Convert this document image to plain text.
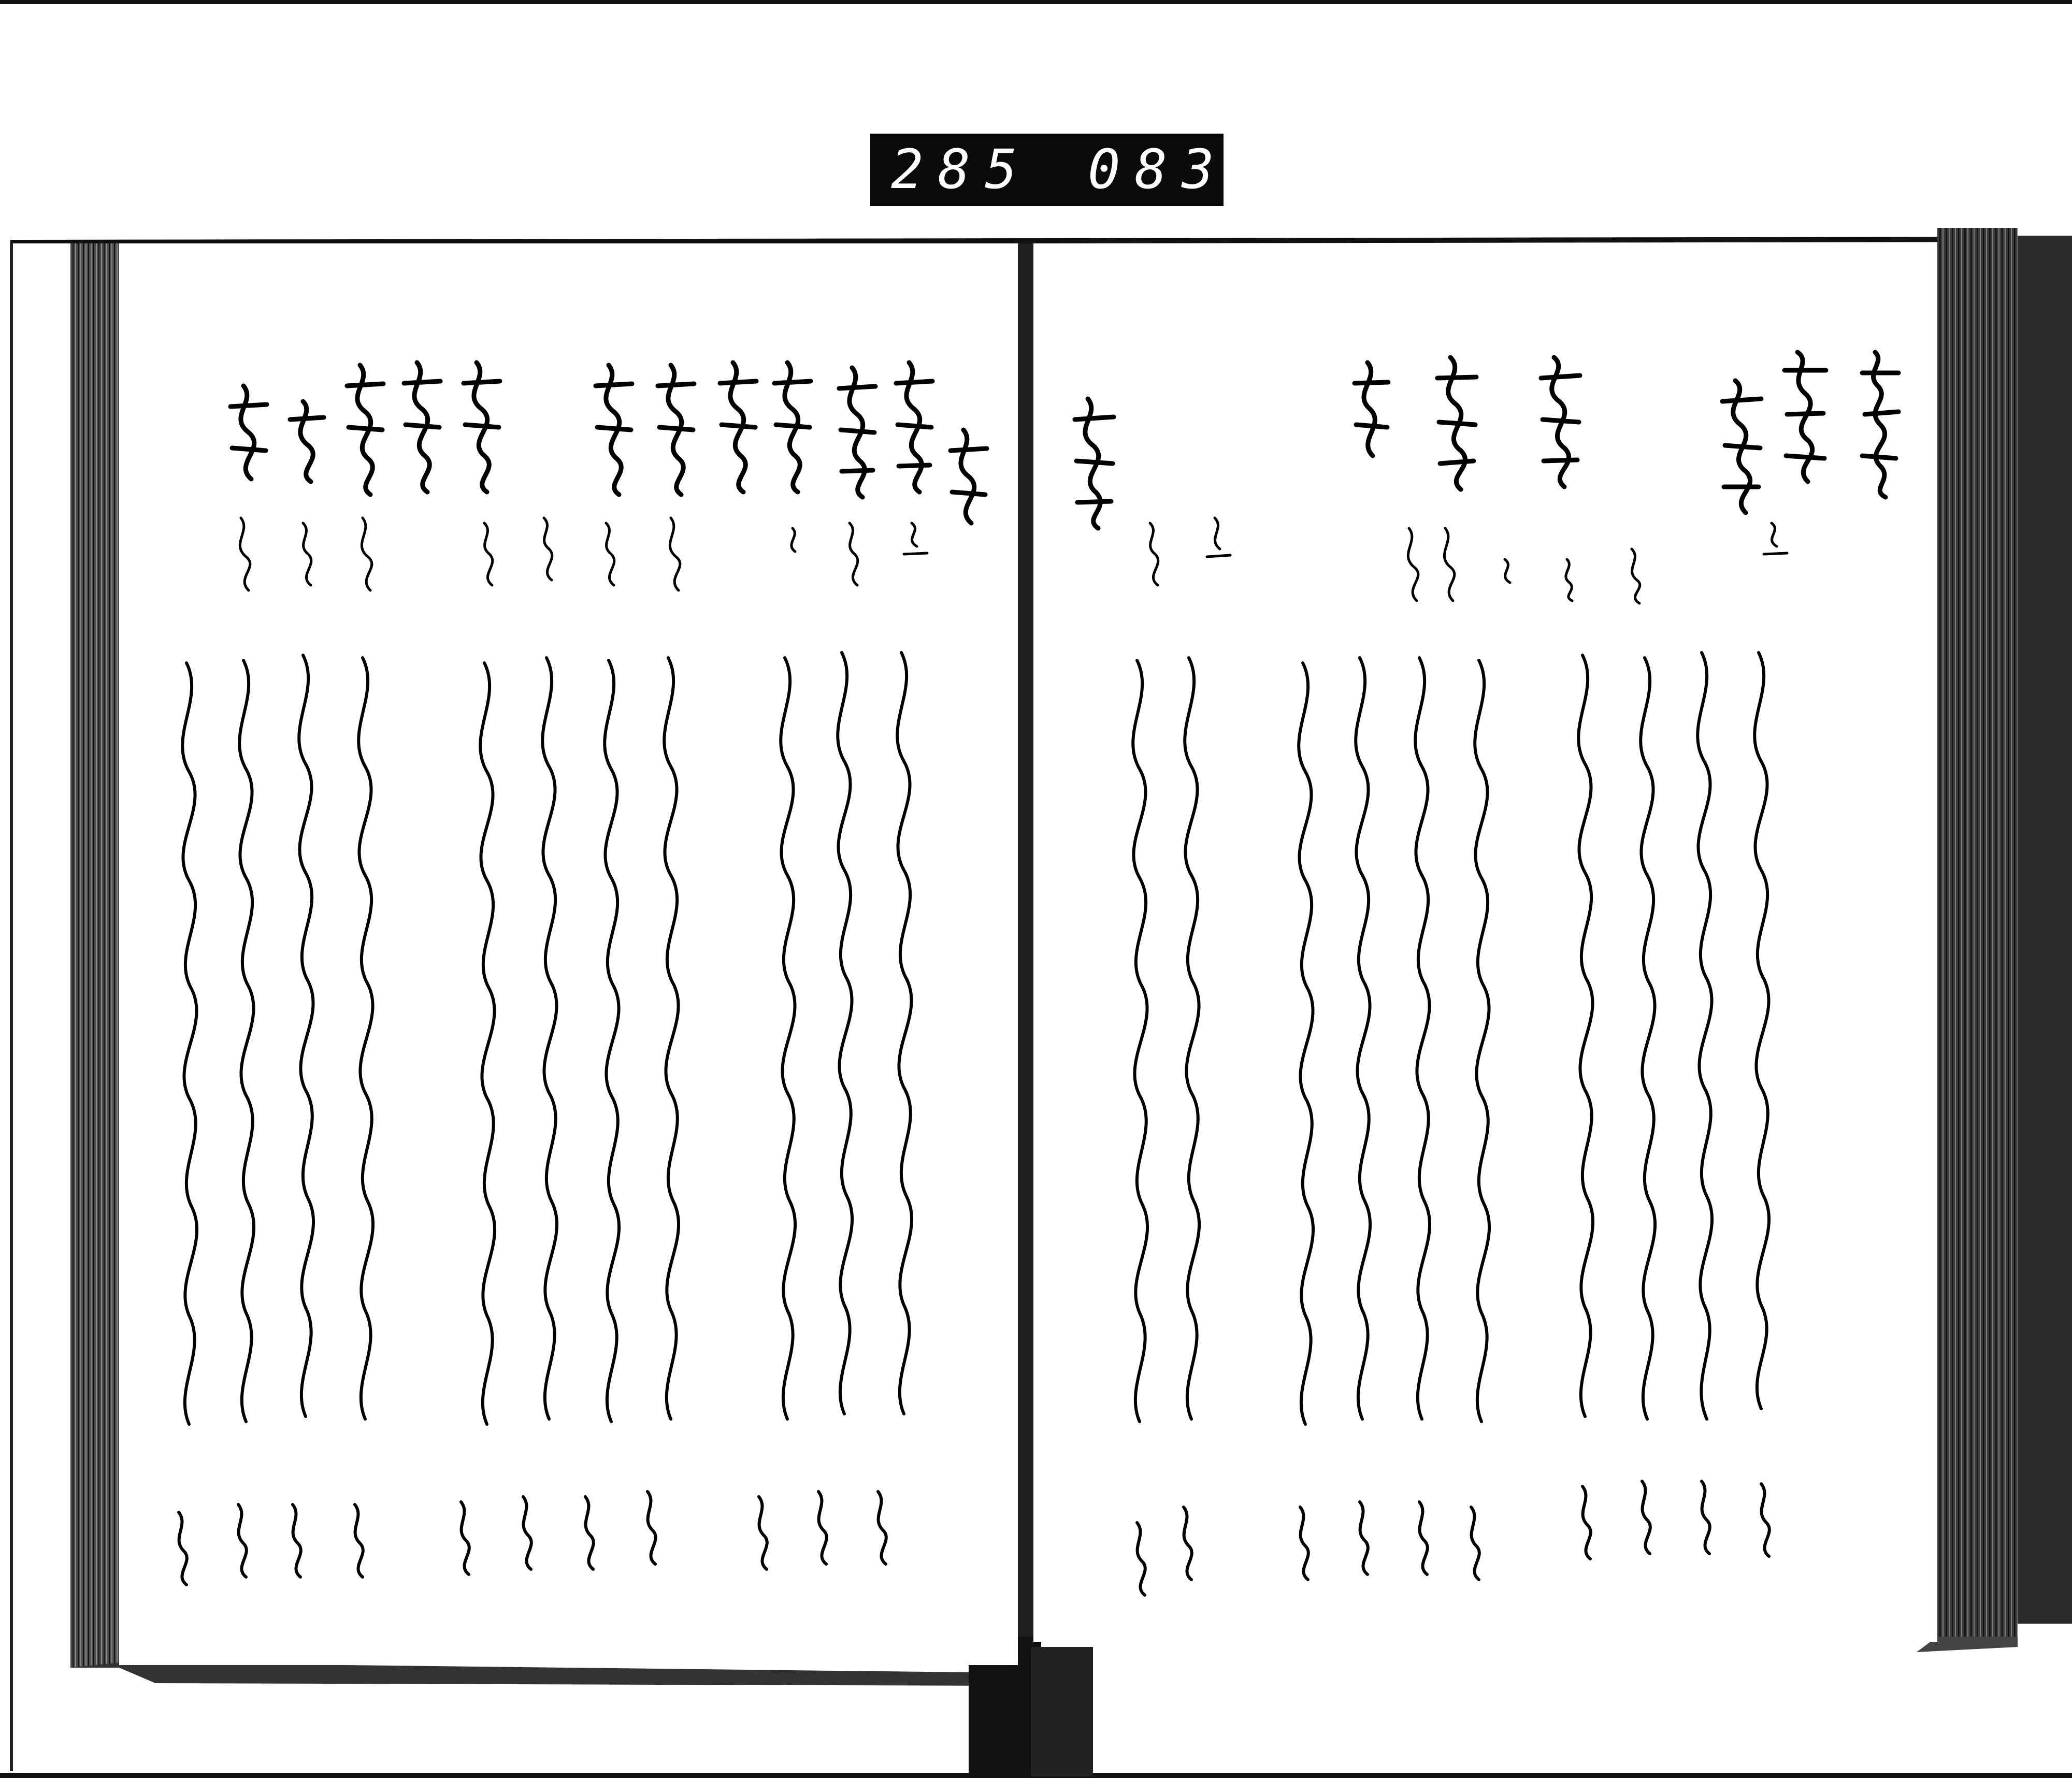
285 083
